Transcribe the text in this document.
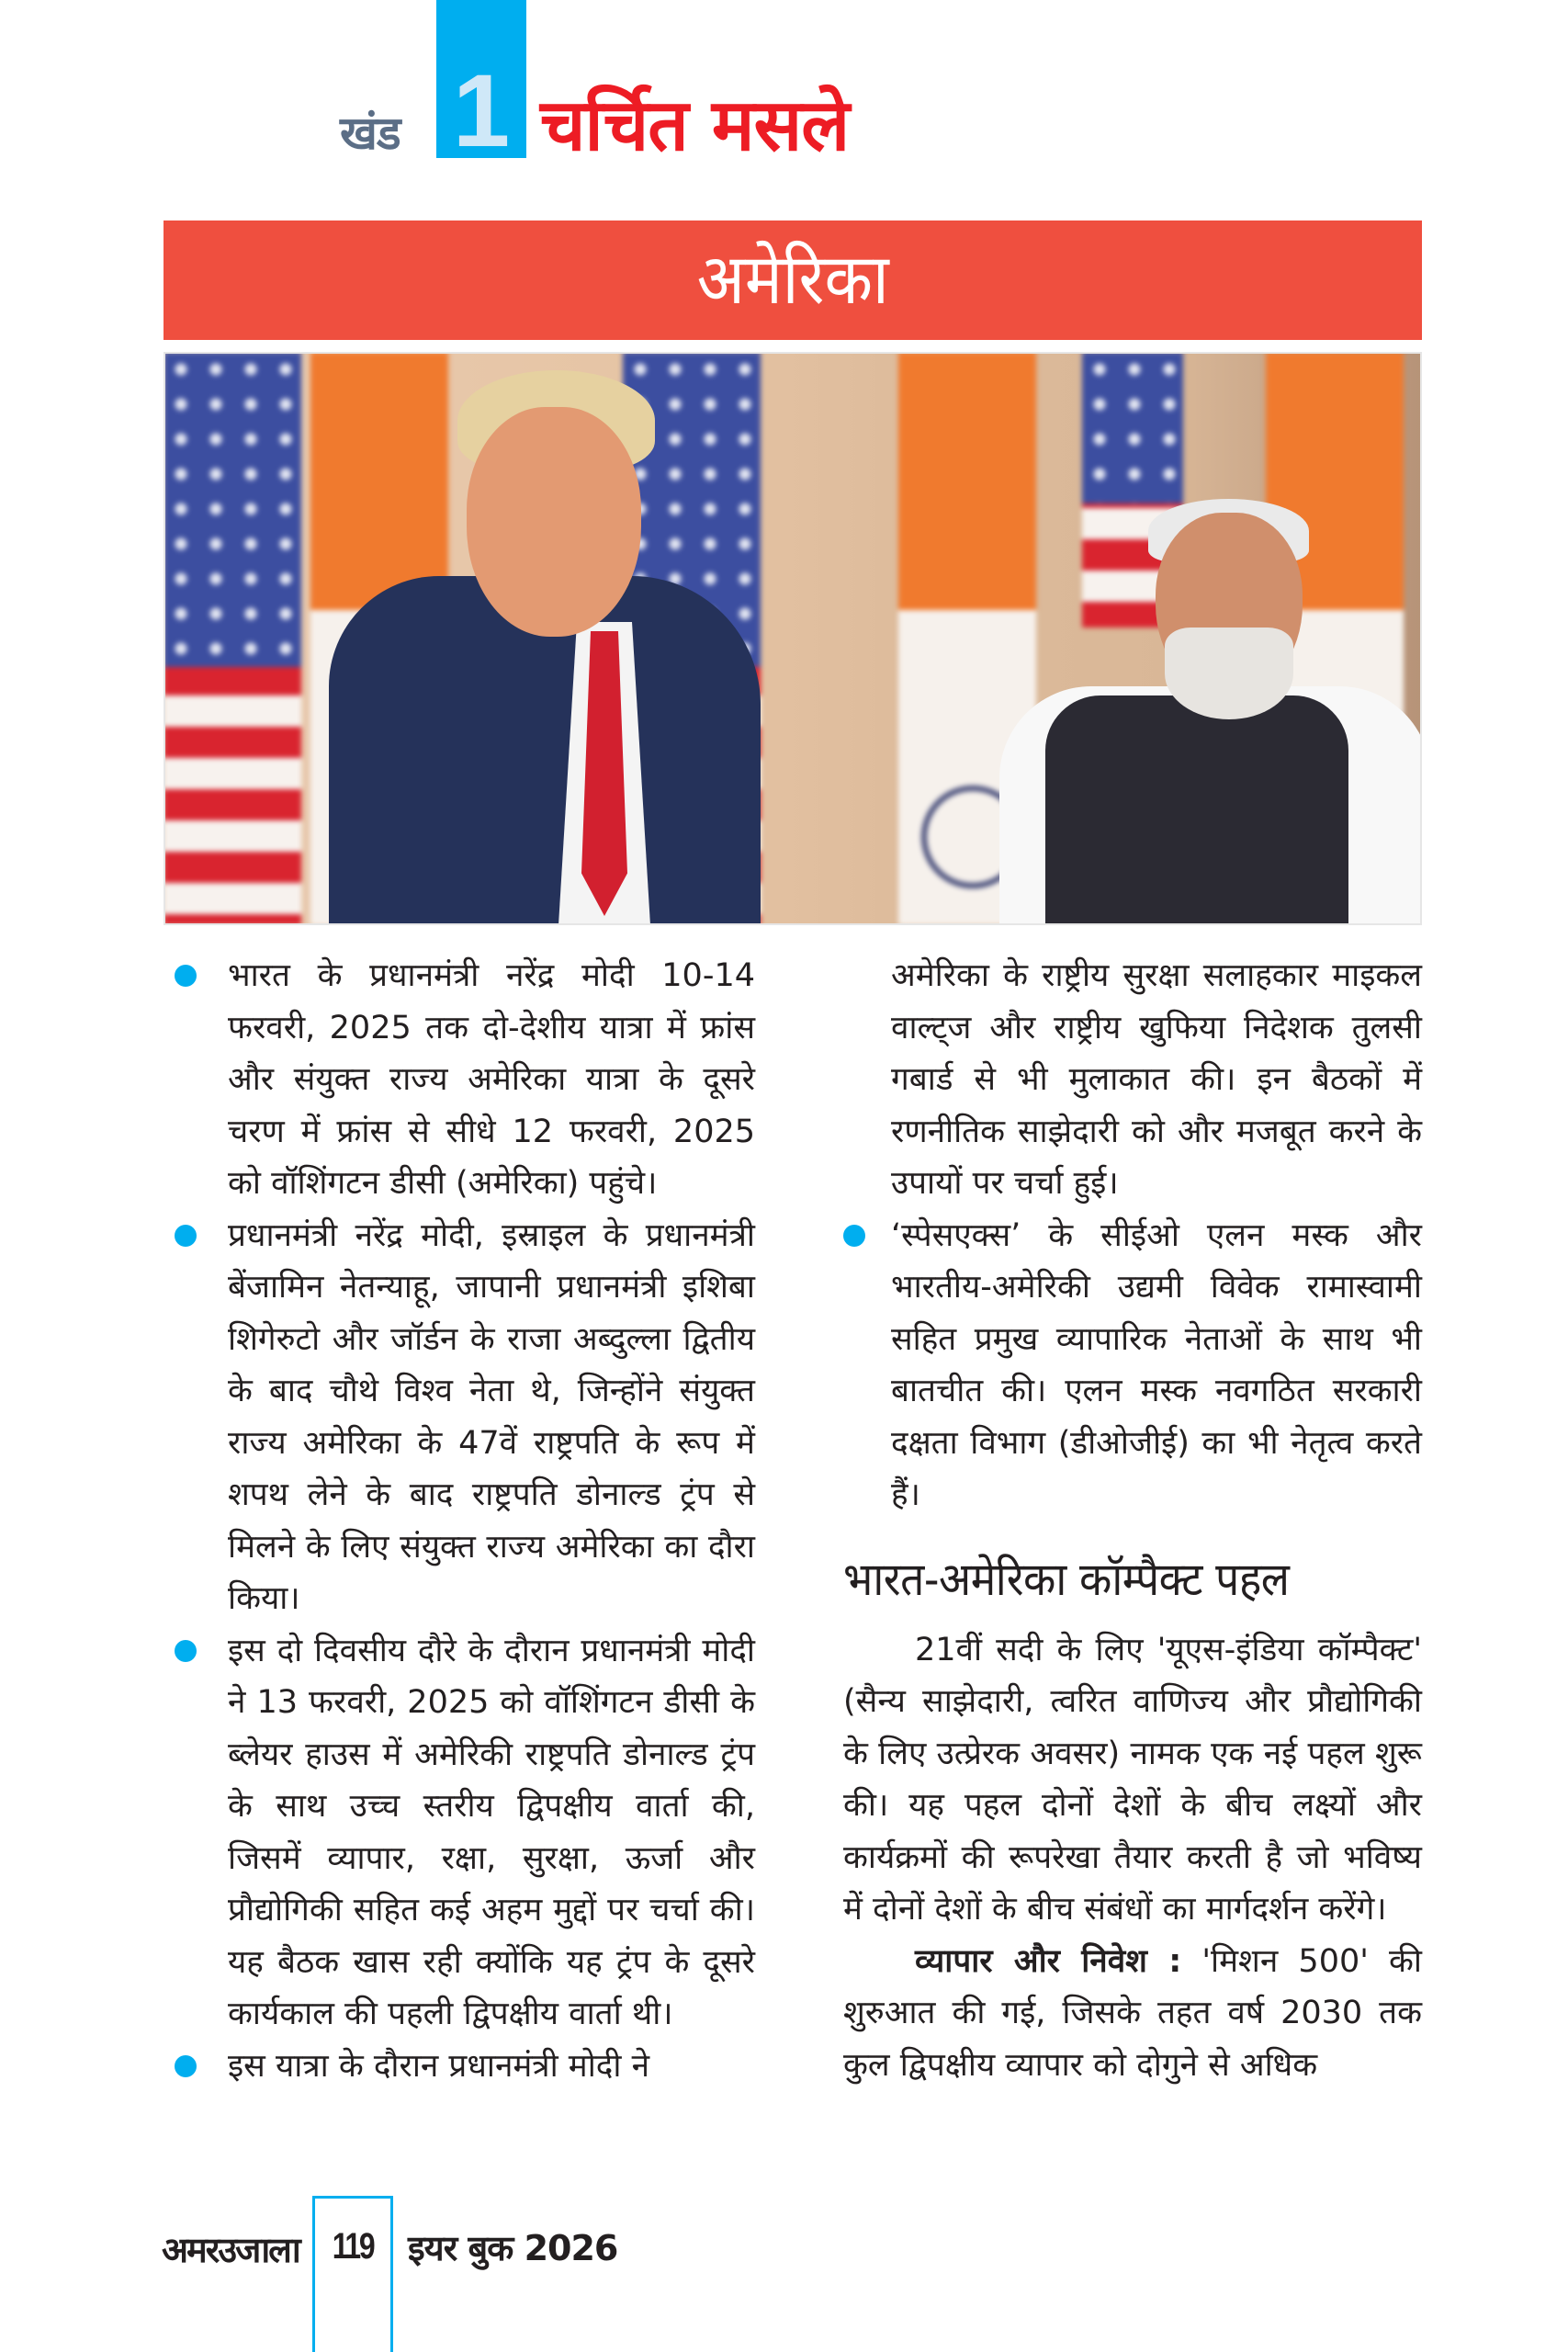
खंड 1 चर्चित मसले
अमेरिका
भारत के प्रधानमंत्री नरेंद्र मोदी 10-14 फरवरी, 2025 तक दो-देशीय यात्रा में फ्रांस और संयुक्त राज्य अमेरिका यात्रा के दूसरे चरण में फ्रांस से सीधे 12 फरवरी, 2025 को वॉशिंगटन डीसी (अमेरिका) पहुंचे।
प्रधानमंत्री नरेंद्र मोदी, इस्राइल के प्रधानमंत्री बेंजामिन नेतन्याहू, जापानी प्रधानमंत्री इशिबा शिगेरुटो और जॉर्डन के राजा अब्दुल्ला द्वितीय के बाद चौथे विश्व नेता थे, जिन्होंने संयुक्त राज्य अमेरिका के 47वें राष्ट्रपति के रूप में शपथ लेने के बाद राष्ट्रपति डोनाल्ड ट्रंप से मिलने के लिए संयुक्त राज्य अमेरिका का दौरा किया।
इस दो दिवसीय दौरे के दौरान प्रधानमंत्री मोदी ने 13 फरवरी, 2025 को वॉशिंगटन डीसी के ब्लेयर हाउस में अमेरिकी राष्ट्रपति डोनाल्ड ट्रंप के साथ उच्च स्तरीय द्विपक्षीय वार्ता की, जिसमें व्यापार, रक्षा, सुरक्षा, ऊर्जा और प्रौद्योगिकी सहित कई अहम मुद्दों पर चर्चा की। यह बैठक खास रही क्योंकि यह ट्रंप के दूसरे कार्यकाल की पहली द्विपक्षीय वार्ता थी।
इस यात्रा के दौरान प्रधानमंत्री मोदी ने
अमेरिका के राष्ट्रीय सुरक्षा सलाहकार माइकल वाल्ट्ज और राष्ट्रीय खुफिया निदेशक तुलसी गबार्ड से भी मुलाकात की। इन बैठकों में रणनीतिक साझेदारी को और मजबूत करने के उपायों पर चर्चा हुई।
‘स्पेसएक्स’ के सीईओ एलन मस्क और भारतीय-अमेरिकी उद्यमी विवेक रामास्वामी सहित प्रमुख व्यापारिक नेताओं के साथ भी बातचीत की। एलन मस्क नवगठित सरकारी दक्षता विभाग (डीओजीई) का भी नेतृत्व करते हैं।
भारत-अमेरिका कॉम्पैक्ट पहल

21वीं सदी के लिए 'यूएस-इंडिया कॉम्पैक्ट' (सैन्य साझेदारी, त्वरित वाणिज्य और प्रौद्योगिकी के लिए उत्प्रेरक अवसर) नामक एक नई पहल शुरू की। यह पहल दोनों देशों के बीच लक्ष्यों और कार्यक्रमों की रूपरेखा तैयार करती है जो भविष्य में दोनों देशों के बीच संबंधों का मार्गदर्शन करेंगे।

व्यापार और निवेश : 'मिशन 500' की शुरुआत की गई, जिसके तहत वर्ष 2030 तक कुल द्विपक्षीय व्यापार को दोगुने से अधिक

अमरउजाला 119 इयर बुक 2026
